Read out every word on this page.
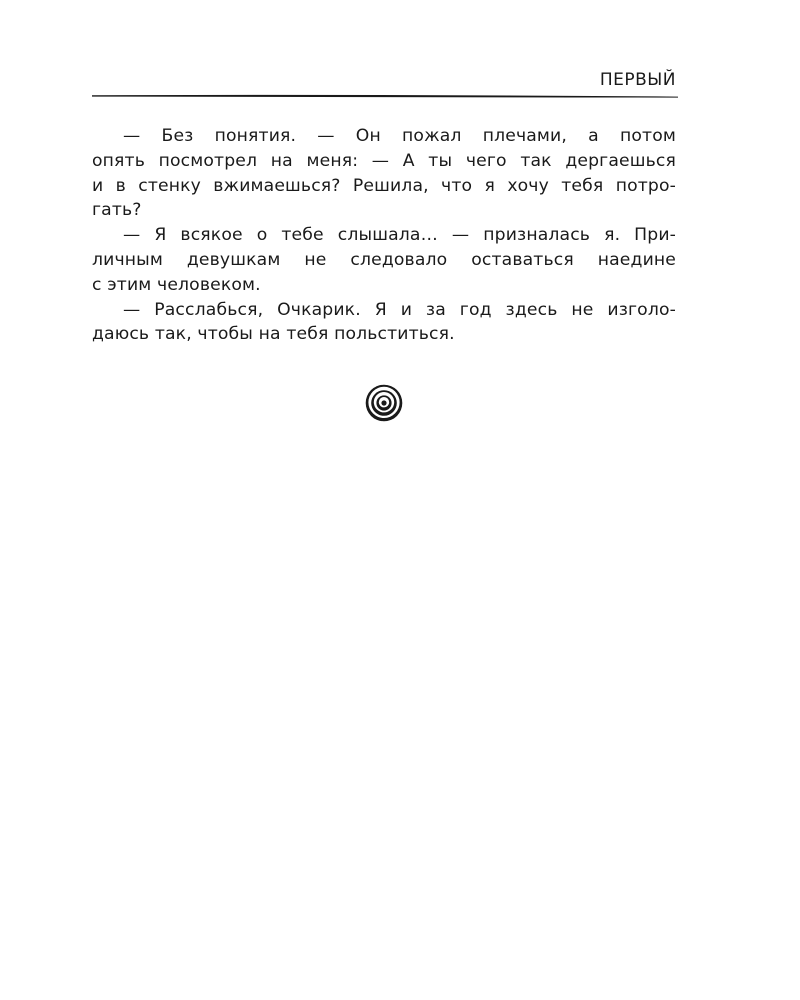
ПЕРВЫЙ
— Без понятия. — Он пожал плечами, а потом
опять посмотрел на меня: — А ты чего так дергаешься
и в стенку вжимаешься? Решила, что я хочу тебя потро-
гать?
— Я всякое о тебе слышала… — призналась я. При-
личным девушкам не следовало оставаться наедине
с этим человеком.
— Расслабься, Очкарик. Я и за год здесь не изголо-
даюсь так, чтобы на тебя польститься.
